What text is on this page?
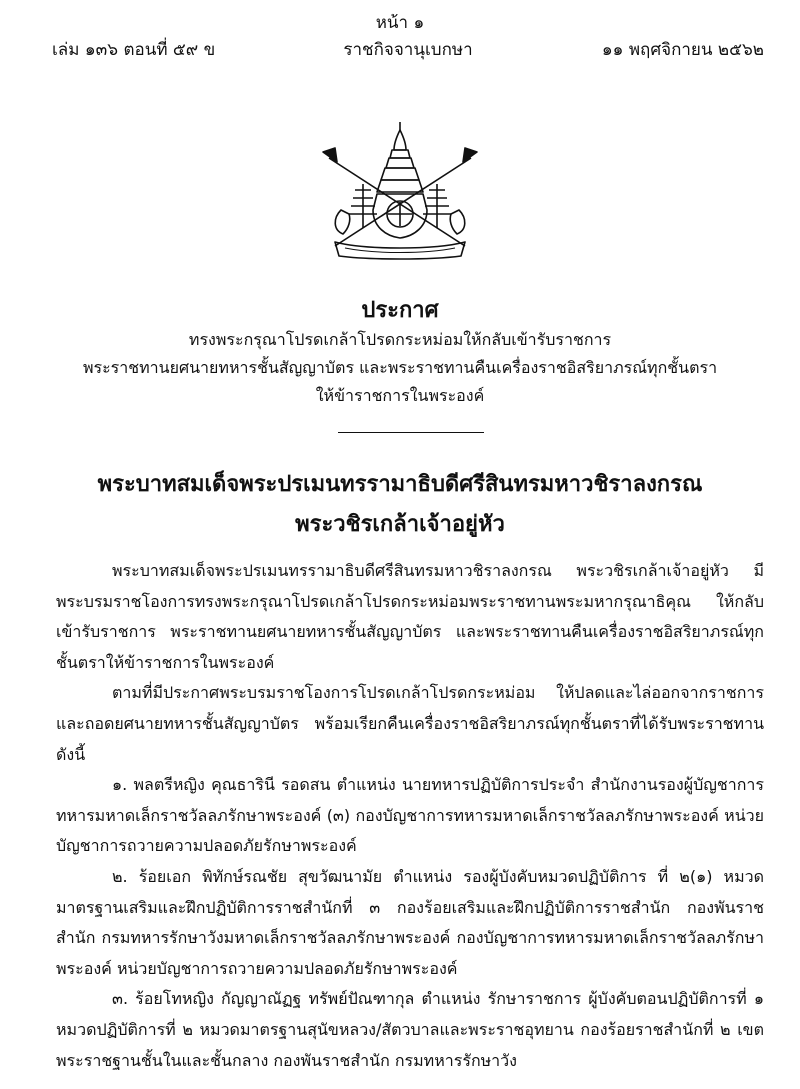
หน้า ๑
ราชกิจจานุเบกษา
เล่ม ๑๓๖ ตอนที่ ๕๙ ข	๑๑ พฤศจิกายน ๒๕๖๒
ประกาศ
ทรงพระกรุณาโปรดเกล้าโปรดกระหม่อมให้กลับเข้ารับราชการ
พระราชทานยศนายทหารชั้นสัญญาบัตร และพระราชทานคืนเครื่องราชอิสริยาภรณ์ทุกชั้นตรา
ให้ข้าราชการในพระองค์
พระบาทสมเด็จพระปรเมนทรรามาธิบดีศรีสินทรมหาวชิราลงกรณ
พระวชิรเกล้าเจ้าอยู่หัว

พระบาทสมเด็จพระปรเมนทรรามาธิบดีศรีสินทรมหาวชิราลงกรณ พระวชิรเกล้าเจ้าอยู่หัว มีพระบรมราชโองการทรงพระกรุณาโปรดเกล้าโปรดกระหม่อมพระราชทานพระมหากรุณาธิคุณ ให้กลับเข้ารับราชการ พระราชทานยศนายทหารชั้นสัญญาบัตร และพระราชทานคืนเครื่องราชอิสริยาภรณ์ทุกชั้นตราให้ข้าราชการในพระองค์

ตามที่มีประกาศพระบรมราชโองการโปรดเกล้าโปรดกระหม่อม ให้ปลดและไล่ออกจากราชการ และถอดยศนายทหารชั้นสัญญาบัตร พร้อมเรียกคืนเครื่องราชอิสริยาภรณ์ทุกชั้นตราที่ได้รับพระราชทาน ดังนี้

๑. พลตรีหญิง คุณธารินี รอดสน ตำแหน่ง นายทหารปฏิบัติการประจำ สำนักงานรองผู้บัญชาการทหารมหาดเล็กราชวัลลภรักษาพระองค์ (๓) กองบัญชาการทหารมหาดเล็กราชวัลลภรักษาพระองค์ หน่วยบัญชาการถวายความปลอดภัยรักษาพระองค์

๒. ร้อยเอก พิทักษ์รณชัย สุขวัฒนามัย ตำแหน่ง รองผู้บังคับหมวดปฏิบัติการ ที่ ๒(๑) หมวดมาตรฐานเสริมและฝึกปฏิบัติการราชสำนักที่ ๓ กองร้อยเสริมและฝึกปฏิบัติการราชสำนัก กองพันราชสำนัก กรมทหารรักษาวังมหาดเล็กราชวัลลภรักษาพระองค์ กองบัญชาการทหารมหาดเล็กราชวัลลภรักษาพระองค์ หน่วยบัญชาการถวายความปลอดภัยรักษาพระองค์

๓. ร้อยโทหญิง กัญญาณัฏฐ ทรัพย์ปัณฑากุล ตำแหน่ง รักษาราชการ ผู้บังคับตอนปฏิบัติการที่ ๑ หมวดปฏิบัติการที่ ๒ หมวดมาตรฐานสุนัขหลวง/สัตวบาลและพระราชอุทยาน กองร้อยราชสำนักที่ ๒ เขตพระราชฐานชั้นในและชั้นกลาง กองพันราชสำนัก กรมทหารรักษาวัง
